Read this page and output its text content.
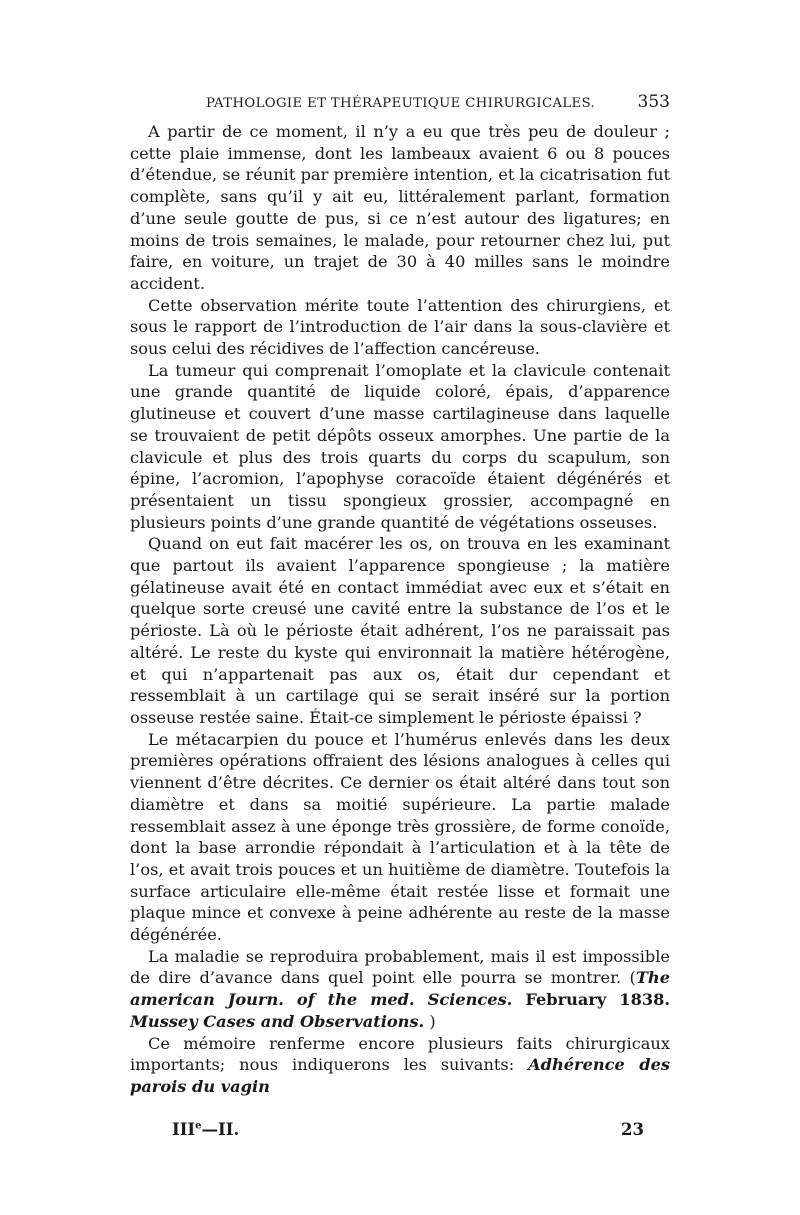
PATHOLOGIE ET THÉRAPEUTIQUE CHIRURGICALES. 353

A partir de ce moment, il n’y a eu que très peu de douleur ; cette plaie immense, dont les lambeaux avaient 6 ou 8 pouces d’étendue, se réunit par première intention, et la cicatrisation fut complète, sans qu’il y ait eu, littéralement parlant, formation d’une seule goutte de pus, si ce n’est autour des ligatures; en moins de trois semaines, le malade, pour retourner chez lui, put faire, en voiture, un trajet de 30 à 40 milles sans le moindre accident.

Cette observation mérite toute l’attention des chirurgiens, et sous le rapport de l’introduction de l’air dans la sous-clavière et sous celui des récidives de l’affection cancéreuse.

La tumeur qui comprenait l’omoplate et la clavicule contenait une grande quantité de liquide coloré, épais, d’apparence glutineuse et couvert d’une masse cartilagineuse dans laquelle se trouvaient de petit dépôts osseux amorphes. Une partie de la clavicule et plus des trois quarts du corps du scapulum, son épine, l’acromion, l’apophyse coracoïde étaient dégénérés et présentaient un tissu spongieux grossier, accompagné en plusieurs points d’une grande quantité de végétations osseuses.

Quand on eut fait macérer les os, on trouva en les examinant que partout ils avaient l’apparence spongieuse ; la matière gélatineuse avait été en contact immédiat avec eux et s’était en quelque sorte creusé une cavité entre la substance de l’os et le périoste. Là où le périoste était adhérent, l’os ne paraissait pas altéré. Le reste du kyste qui environnait la matière hétérogène, et qui n’appartenait pas aux os, était dur cependant et ressemblait à un cartilage qui se serait inséré sur la portion osseuse restée saine. Était-ce simplement le périoste épaissi ?

Le métacarpien du pouce et l’humérus enlevés dans les deux premières opérations offraient des lésions analogues à celles qui viennent d’être décrites. Ce dernier os était altéré dans tout son diamètre et dans sa moitié supérieure. La partie malade ressemblait assez à une éponge très grossière, de forme conoïde, dont la base arrondie répondait à l’articulation et à la tête de l’os, et avait trois pouces et un huitième de diamètre. Toutefois la surface articulaire elle-même était restée lisse et formait une plaque mince et convexe à peine adhérente au reste de la masse dégénérée.

La maladie se reproduira probablement, mais il est impossible de dire d’avance dans quel point elle pourra se montrer. (The american Journ. of the med. Sciences. February 1838. Mussey Cases and Observations. )

Ce mémoire renferme encore plusieurs faits chirurgicaux importants; nous indiquerons les suivants: Adhérence des parois du vagin

IIIe—II.	23
